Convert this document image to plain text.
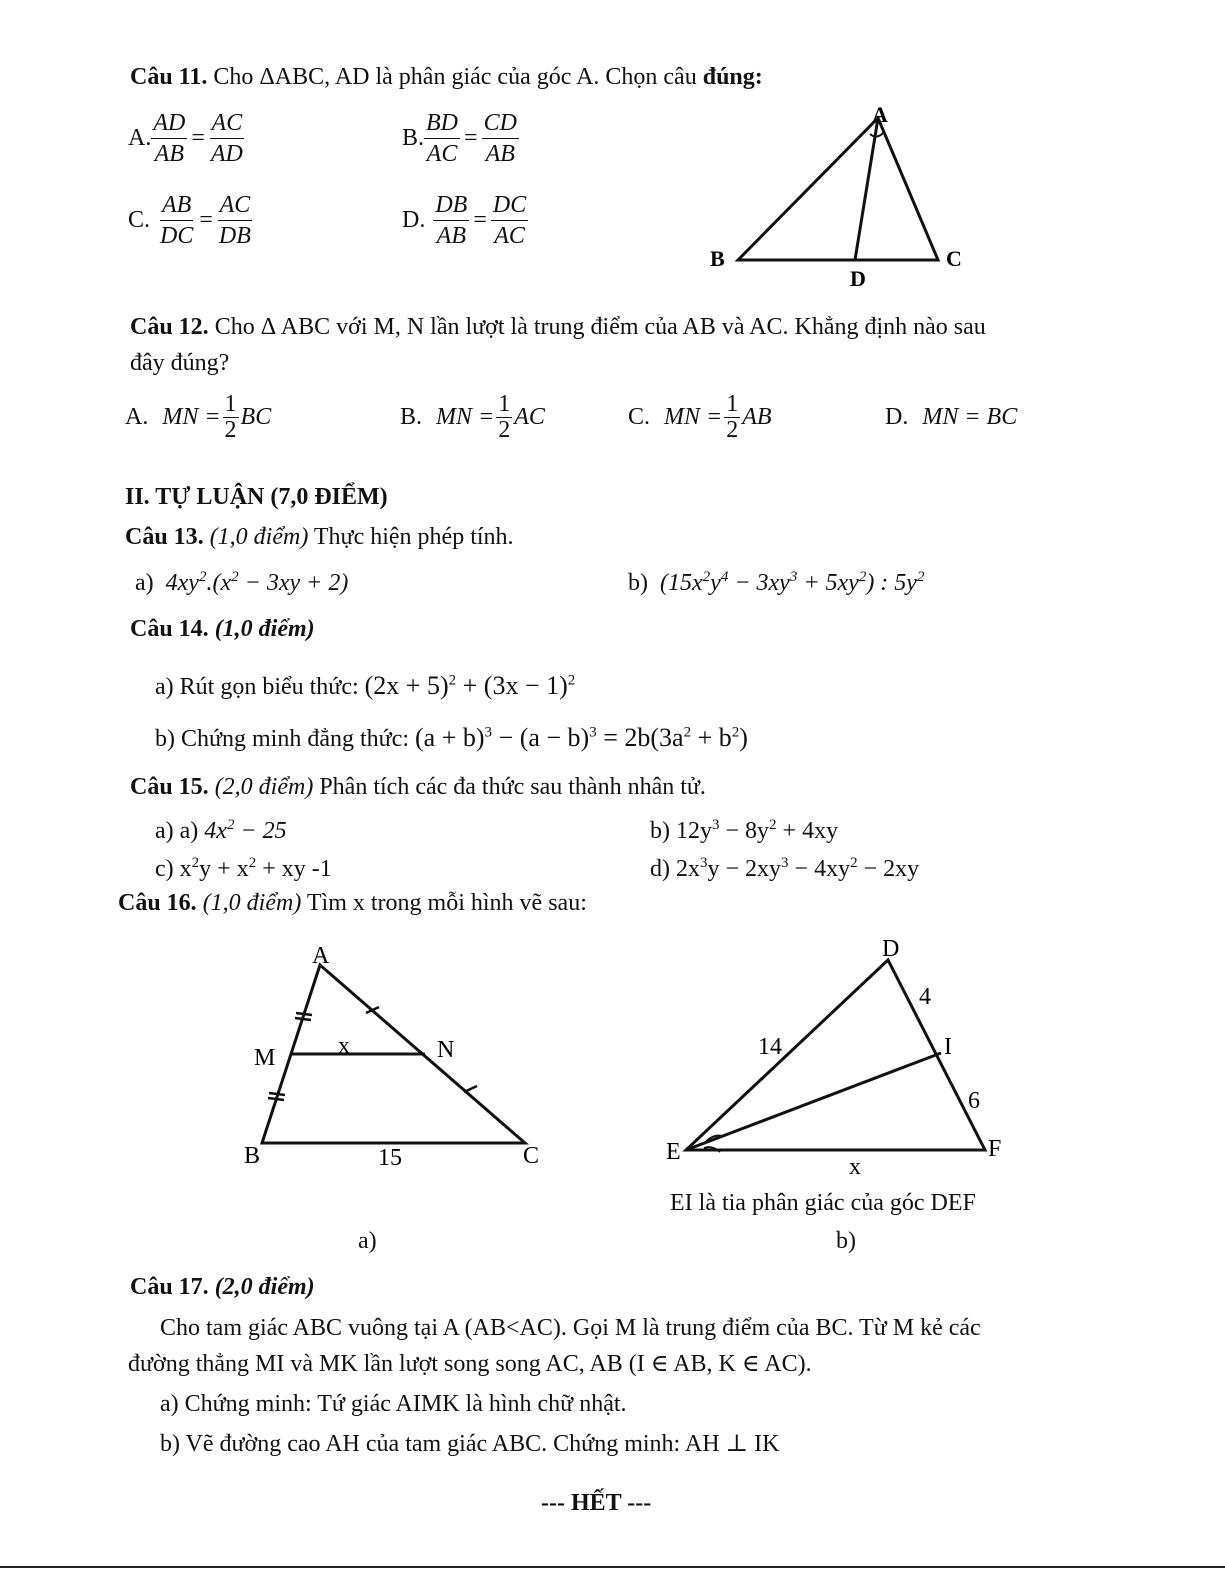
Câu 11. Cho ΔABC, AD là phân giác của góc A. Chọn câu đúng:
A. $\frac{AD}{AB} = \frac{AC}{AD}$	B. $\frac{BD}{AC} = \frac{CD}{AB}$
C. $\frac{AB}{DC} = \frac{AC}{DB}$	D. $\frac{DB}{AB} = \frac{DC}{AC}$
A
B	C
D
Câu 12. Cho Δ ABC với M, N lần lượt là trung điểm của AB và AC. Khẳng định nào sau
đây đúng?
A. MN = $\frac{1}{2}$ BC	B. MN = $\frac{1}{2}$ AC	C. MN = $\frac{1}{2}$ AB	D. MN = BC
II. TỰ LUẬN (7,0 ĐIỂM)
Câu 13. (1,0 điểm) Thực hiện phép tính.
a) $4xy^2.(x^2 - 3xy + 2)$	b) $(15x^2y^4 - 3xy^3 + 5xy^2)$ : $5y^2$
Câu 14. (1,0 điểm)
a) Rút gọn biểu thức: $(2x + 5)^2 + (3x - 1)^2$
b) Chứng minh đẳng thức: $(a + b)^3 - (a - b)^3 = 2b(3a^2 + b^2)$
Câu 15. (2,0 điểm) Phân tích các đa thức sau thành nhân tử.
a) a) $4x^2 - 25$	b) $12y^3 - 8y^2 + 4xy$
c) $x^2y + x^2$ + xy -1	d) $2x^3y - 2xy^3 - 4xy^2 - 2xy$
Câu 16. (1,0 điểm) Tìm x trong mỗi hình vẽ sau:
A
M	N
B	C
x
15
a)
D
E	F
I
14
4
6
x
EI là tia phân giác của góc DEF
b)
Câu 17. (2,0 điểm)
Cho tam giác ABC vuông tại A (AB<AC). Gọi M là trung điểm của BC. Từ M kẻ các
đường thẳng MI và MK lần lượt song song AC, AB (I ∈ AB, K ∈ AC).
a) Chứng minh: Tứ giác AIMK là hình chữ nhật.
b) Vẽ đường cao AH của tam giác ABC. Chứng minh: AH ⊥ IK
--- HẾT ---
